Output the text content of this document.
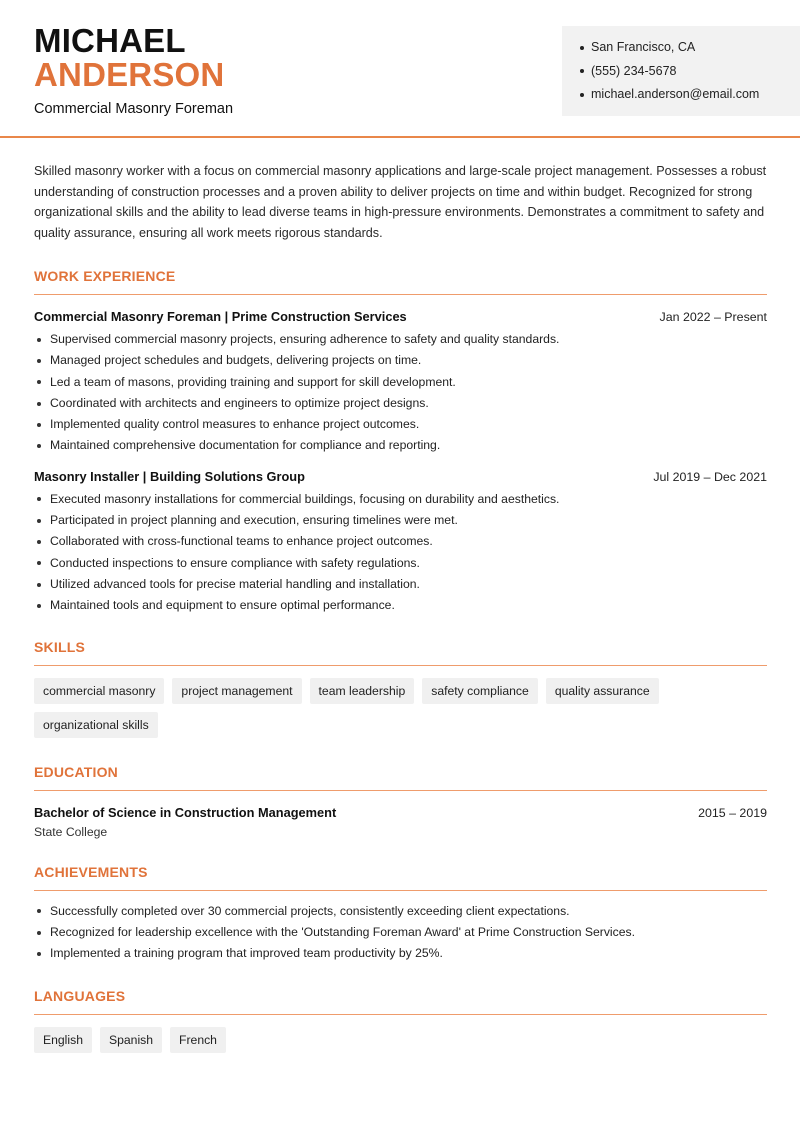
MICHAEL
ANDERSON
Commercial Masonry Foreman
San Francisco, CA
(555) 234-5678
michael.anderson@email.com

Skilled masonry worker with a focus on commercial masonry applications and large-scale project management. Possesses a robust understanding of construction processes and a proven ability to deliver projects on time and within budget. Recognized for strong organizational skills and the ability to lead diverse teams in high-pressure environments. Demonstrates a commitment to safety and quality assurance, ensuring all work meets rigorous standards.

WORK EXPERIENCE
Commercial Masonry Foreman | Prime Construction Services	Jan 2022 – Present
Supervised commercial masonry projects, ensuring adherence to safety and quality standards.
Managed project schedules and budgets, delivering projects on time.
Led a team of masons, providing training and support for skill development.
Coordinated with architects and engineers to optimize project designs.
Implemented quality control measures to enhance project outcomes.
Maintained comprehensive documentation for compliance and reporting.
Masonry Installer | Building Solutions Group	Jul 2019 – Dec 2021
Executed masonry installations for commercial buildings, focusing on durability and aesthetics.
Participated in project planning and execution, ensuring timelines were met.
Collaborated with cross-functional teams to enhance project outcomes.
Conducted inspections to ensure compliance with safety regulations.
Utilized advanced tools for precise material handling and installation.
Maintained tools and equipment to ensure optimal performance.
SKILLS
commercial masonry	project management	team leadership	safety compliance	quality assurance
organizational skills
EDUCATION
Bachelor of Science in Construction Management	2015 – 2019
State College
ACHIEVEMENTS
Successfully completed over 30 commercial projects, consistently exceeding client expectations.
Recognized for leadership excellence with the 'Outstanding Foreman Award' at Prime Construction Services.
Implemented a training program that improved team productivity by 25%.
LANGUAGES
English	Spanish	French
